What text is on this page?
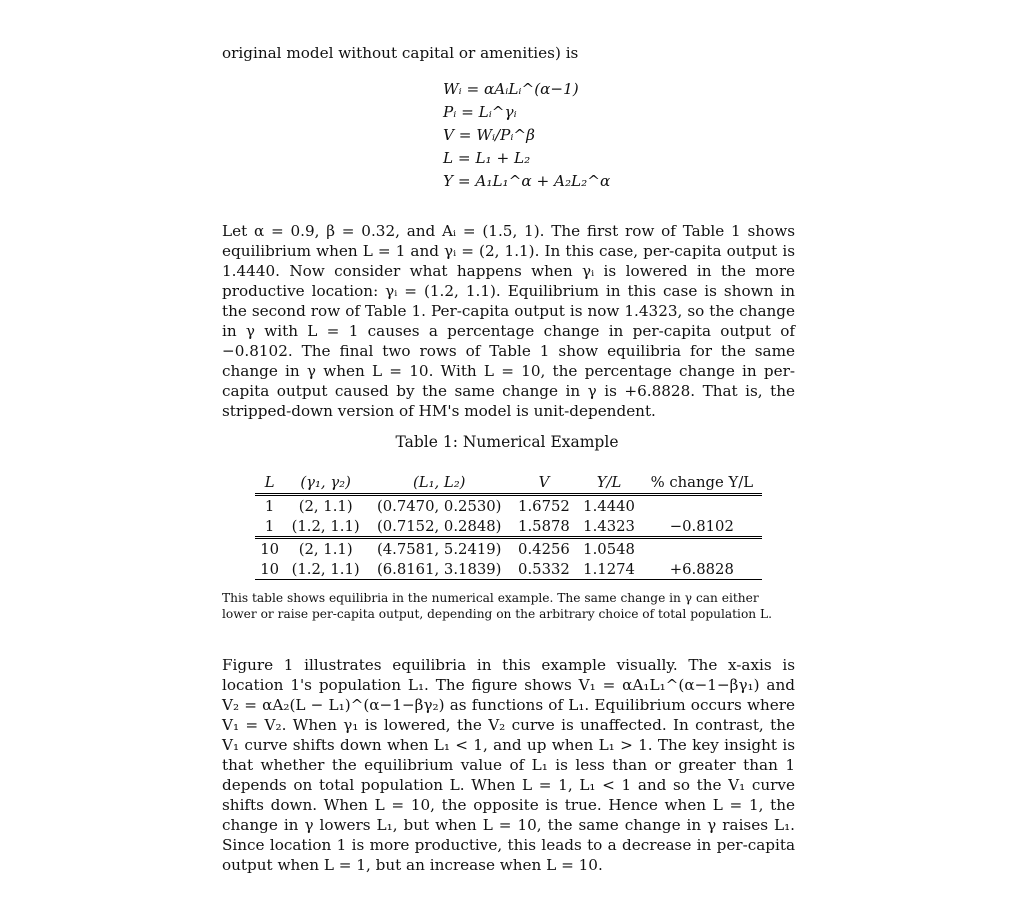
original model without capital or amenities) is

Wᵢ = αAᵢLᵢ^(α−1)
Pᵢ = Lᵢ^γᵢ
V = Wᵢ/Pᵢ^β
L = L₁ + L₂
Y = A₁L₁^α + A₂L₂^α

Let α = 0.9, β = 0.32, and Aᵢ = (1.5, 1). The first row of Table 1 shows equilibrium when L = 1 and γᵢ = (2, 1.1). In this case, per-capita output is 1.4440. Now consider what happens when γᵢ is lowered in the more productive location: γᵢ = (1.2, 1.1). Equilibrium in this case is shown in the second row of Table 1. Per-capita output is now 1.4323, so the change in γ with L = 1 causes a percentage change in per-capita output of −0.8102. The final two rows of Table 1 show equilibria for the same change in γ when L = 10. With L = 10, the percentage change in per-capita output caused by the same change in γ is +6.8828. That is, the stripped-down version of HM's model is unit-dependent.

Table 1: Numerical Example
L	(γ₁, γ₂)	(L₁, L₂)	V	Y/L	% change Y/L
1	(2, 1.1)	(0.7470, 0.2530)	1.6752	1.4440	
1	(1.2, 1.1)	(0.7152, 0.2848)	1.5878	1.4323	−0.8102
10	(2, 1.1)	(4.7581, 5.2419)	0.4256	1.0548	
10	(1.2, 1.1)	(6.8161, 3.1839)	0.5332	1.1274	+6.8828

This table shows equilibria in the numerical example. The same change in γ can either lower or raise per-capita output, depending on the arbitrary choice of total population L.

Figure 1 illustrates equilibria in this example visually. The x-axis is location 1's population L₁. The figure shows V₁ = αA₁L₁^(α−1−βγ₁) and V₂ = αA₂(L − L₁)^(α−1−βγ₂) as functions of L₁. Equilibrium occurs where V₁ = V₂. When γ₁ is lowered, the V₂ curve is unaffected. In contrast, the V₁ curve shifts down when L₁ < 1, and up when L₁ > 1. The key insight is that whether the equilibrium value of L₁ is less than or greater than 1 depends on total population L. When L = 1, L₁ < 1 and so the V₁ curve shifts down. When L = 10, the opposite is true. Hence when L = 1, the change in γ lowers L₁, but when L = 10, the same change in γ raises L₁. Since location 1 is more productive, this leads to a decrease in per-capita output when L = 1, but an increase when L = 10.
